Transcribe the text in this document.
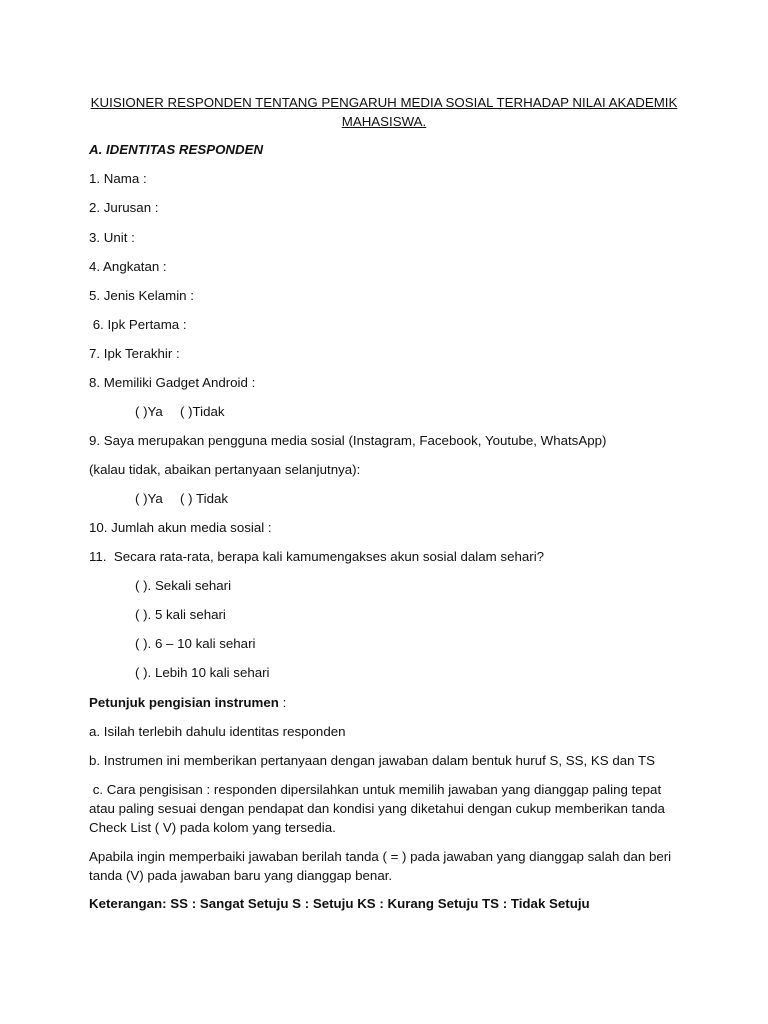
KUISIONER RESPONDEN TENTANG PENGARUH MEDIA SOSIAL TERHADAP NILAI AKADEMIK
MAHASISWA.
A. IDENTITAS RESPONDEN
1. Nama :
2. Jurusan :
3. Unit :
4. Angkatan :
5. Jenis Kelamin :
6. Ipk Pertama :
7. Ipk Terakhir :
8. Memiliki Gadget Android :
( )Ya ( )Tidak
9. Saya merupakan pengguna media sosial (Instagram, Facebook, Youtube, WhatsApp)
(kalau tidak, abaikan pertanyaan selanjutnya):
( )Ya ( ) Tidak
10. Jumlah akun media sosial :
11.  Secara rata-rata, berapa kali kamumengakses akun sosial dalam sehari?
( ). Sekali sehari
( ). 5 kali sehari
( ). 6 – 10 kali sehari
( ). Lebih 10 kali sehari
Petunjuk pengisian instrumen :
a. Isilah terlebih dahulu identitas responden
b. Instrumen ini memberikan pertanyaan dengan jawaban dalam bentuk huruf S, SS, KS dan TS
c. Cara pengisisan : responden dipersilahkan untuk memilih jawaban yang dianggap paling tepat atau paling sesuai dengan pendapat dan kondisi yang diketahui dengan cukup memberikan tanda Check List ( V) pada kolom yang tersedia.
Apabila ingin memperbaiki jawaban berilah tanda ( = ) pada jawaban yang dianggap salah dan beri tanda (V) pada jawaban baru yang dianggap benar.
Keterangan: SS : Sangat Setuju S : Setuju KS : Kurang Setuju TS : Tidak Setuju
